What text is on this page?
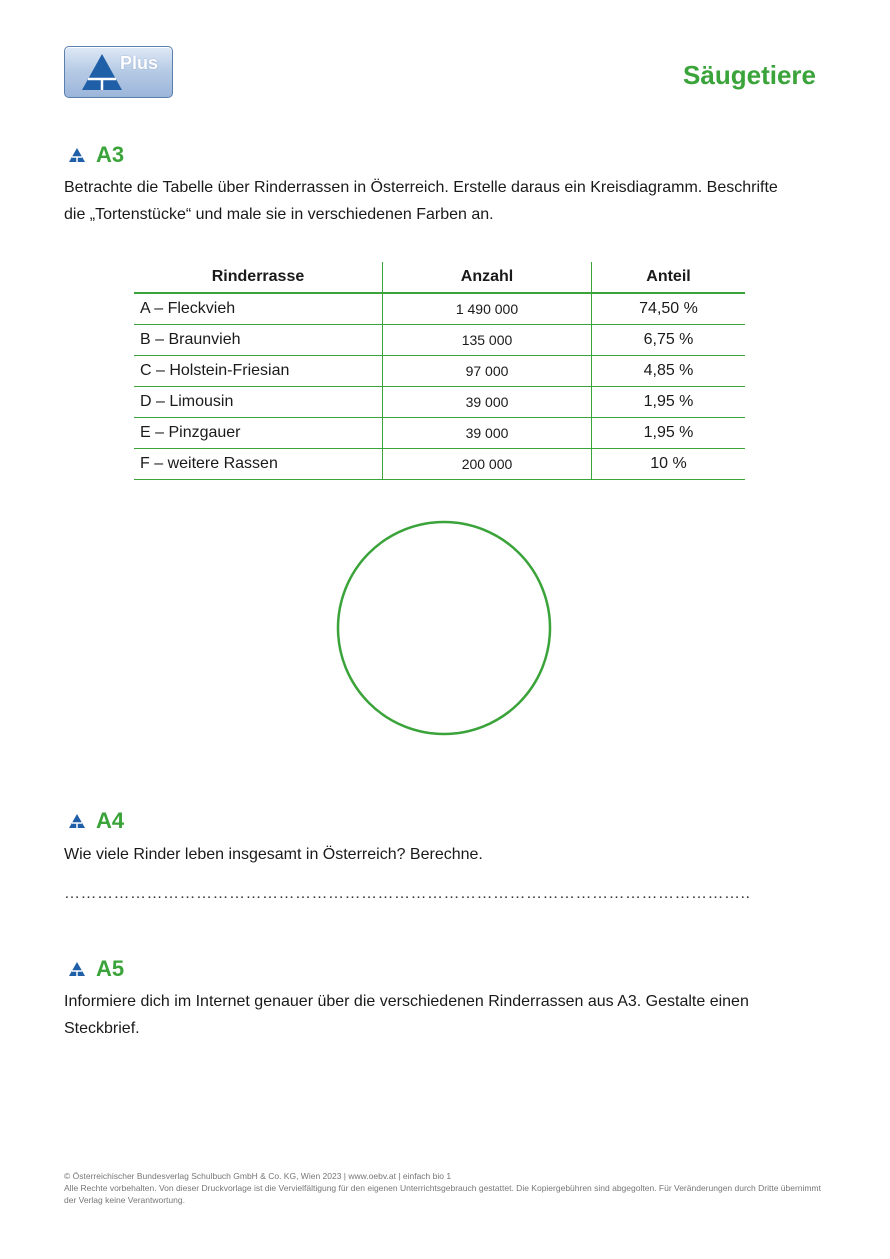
Plus	Säugetiere
A3
Betrachte die Tabelle über Rinderrassen in Österreich. Erstelle daraus ein Kreisdiagramm. Beschrifte
die „Tortenstücke“ und male sie in verschiedenen Farben an.
Rinderrasse	Anzahl	Anteil
A – Fleckvieh	1 490 000	74,50 %
B – Braunvieh	135 000	6,75 %
C – Holstein-Friesian	97 000	4,85 %
D – Limousin	39 000	1,95 %
E – Pinzgauer	39 000	1,95 %
F – weitere Rassen	200 000	10 %
A4
Wie viele Rinder leben insgesamt in Österreich? Berechne.
……………………………………………………………………………………………………………..
A5
Informiere dich im Internet genauer über die verschiedenen Rinderrassen aus A3. Gestalte einen
Steckbrief.
© Österreichischer Bundesverlag Schulbuch GmbH & Co. KG, Wien 2023 | www.oebv.at | einfach bio 1
Alle Rechte vorbehalten. Von dieser Druckvorlage ist die Vervielfältigung für den eigenen Unterrichtsgebrauch gestattet. Die Kopiergebühren sind abgegolten. Für Veränderungen durch Dritte übernimmt der Verlag keine Verantwortung.
